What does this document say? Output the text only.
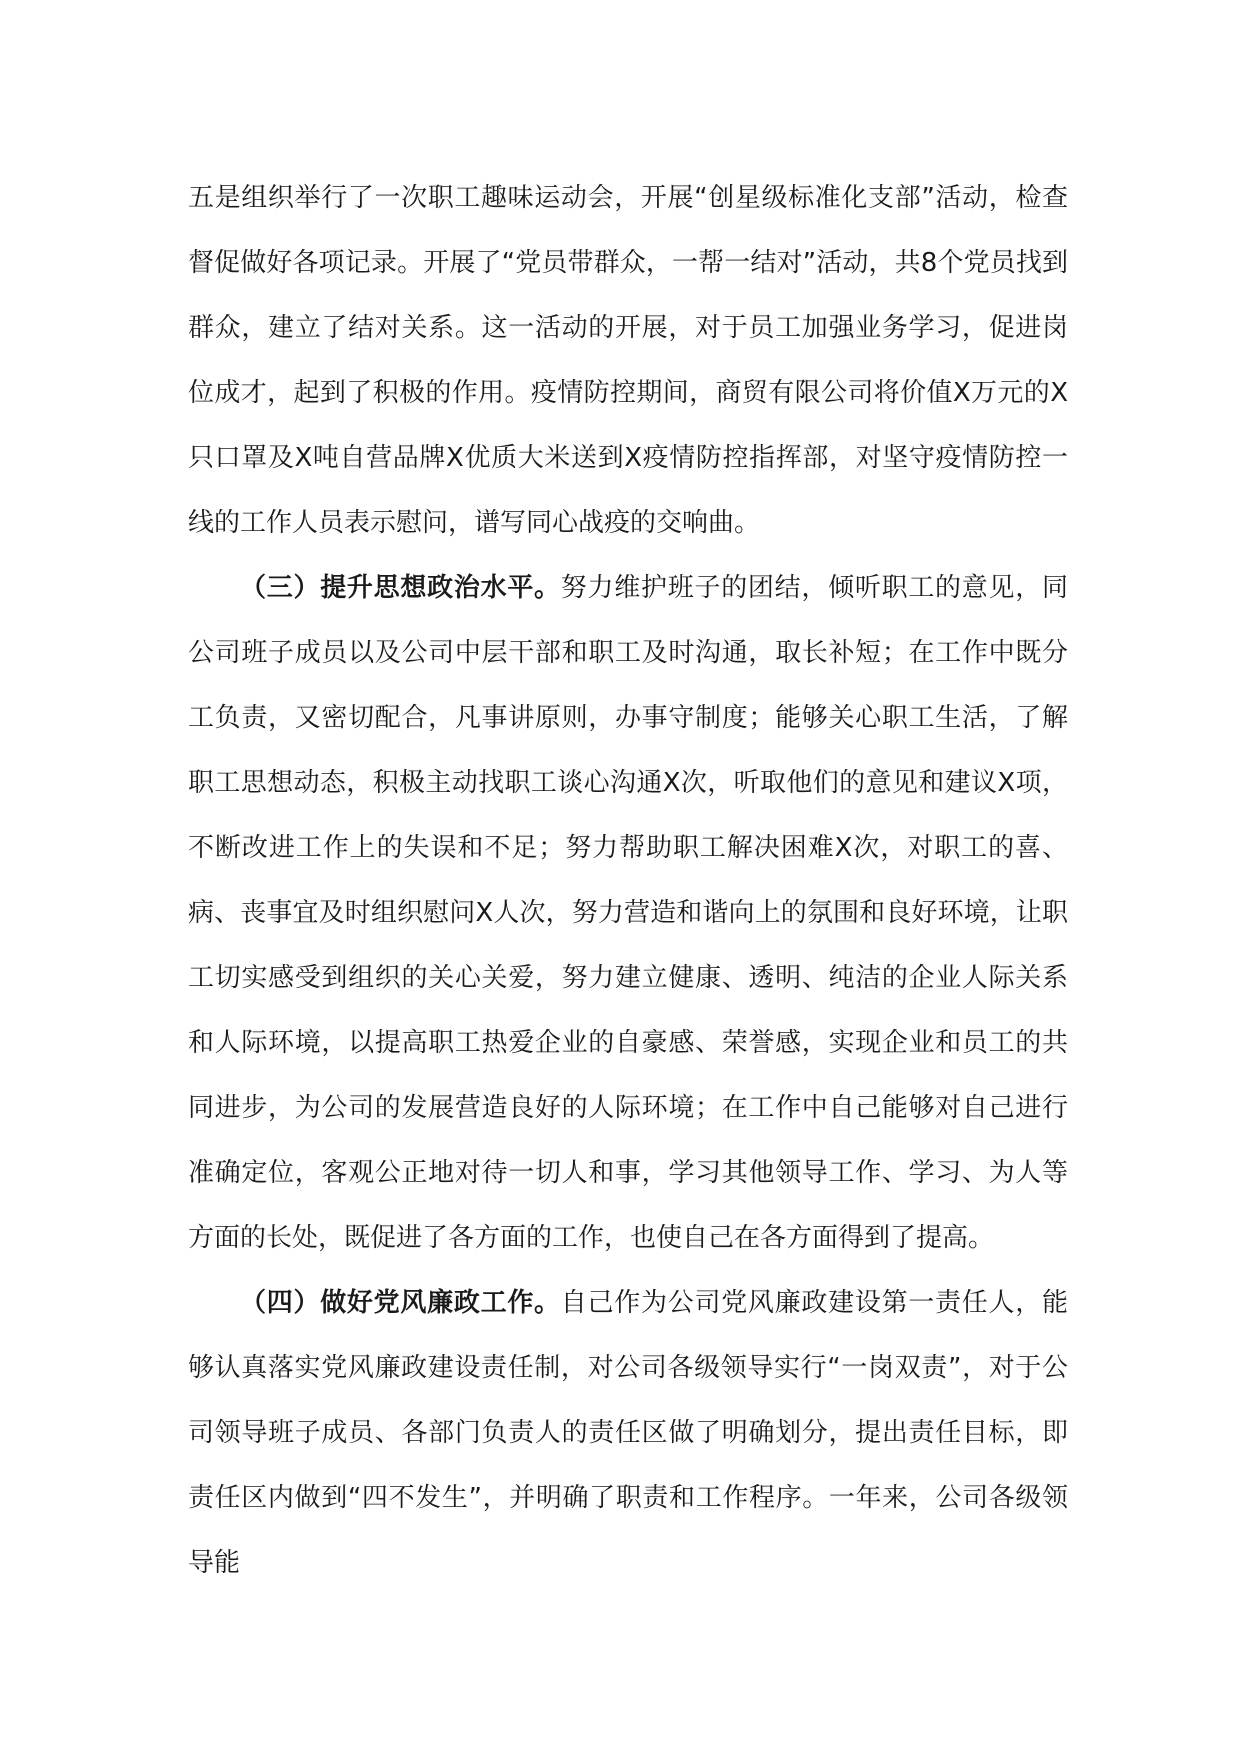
五是组织举行了一次职工趣味运动会，开展“创星级标准化支部”活动，检查督促做好各项记录。开展了“党员带群众，一帮一结对”活动，共8个党员找到群众，建立了结对关系。这一活动的开展，对于员工加强业务学习，促进岗位成才，起到了积极的作用。疫情防控期间，商贸有限公司将价值X万元的X只口罩及X吨自营品牌X优质大米送到X疫情防控指挥部，对坚守疫情防控一线的工作人员表示慰问，谱写同心战疫的交响曲。

（三）提升思想政治水平。努力维护班子的团结，倾听职工的意见，同公司班子成员以及公司中层干部和职工及时沟通，取长补短；在工作中既分工负责，又密切配合，凡事讲原则，办事守制度；能够关心职工生活，了解职工思想动态，积极主动找职工谈心沟通X次，听取他们的意见和建议X项，不断改进工作上的失误和不足；努力帮助职工解决困难X次，对职工的喜、病、丧事宜及时组织慰问X人次，努力营造和谐向上的氛围和良好环境，让职工切实感受到组织的关心关爱，努力建立健康、透明、纯洁的企业人际关系和人际环境，以提高职工热爱企业的自豪感、荣誉感，实现企业和员工的共同进步，为公司的发展营造良好的人际环境；在工作中自己能够对自己进行准确定位，客观公正地对待一切人和事，学习其他领导工作、学习、为人等方面的长处，既促进了各方面的工作，也使自己在各方面得到了提高。

（四）做好党风廉政工作。自己作为公司党风廉政建设第一责任人，能够认真落实党风廉政建设责任制，对公司各级领导实行“一岗双责”，对于公司领导班子成员、各部门负责人的责任区做了明确划分，提出责任目标，即责任区内做到“四不发生”，并明确了职责和工作程序。一年来，公司各级领导能
